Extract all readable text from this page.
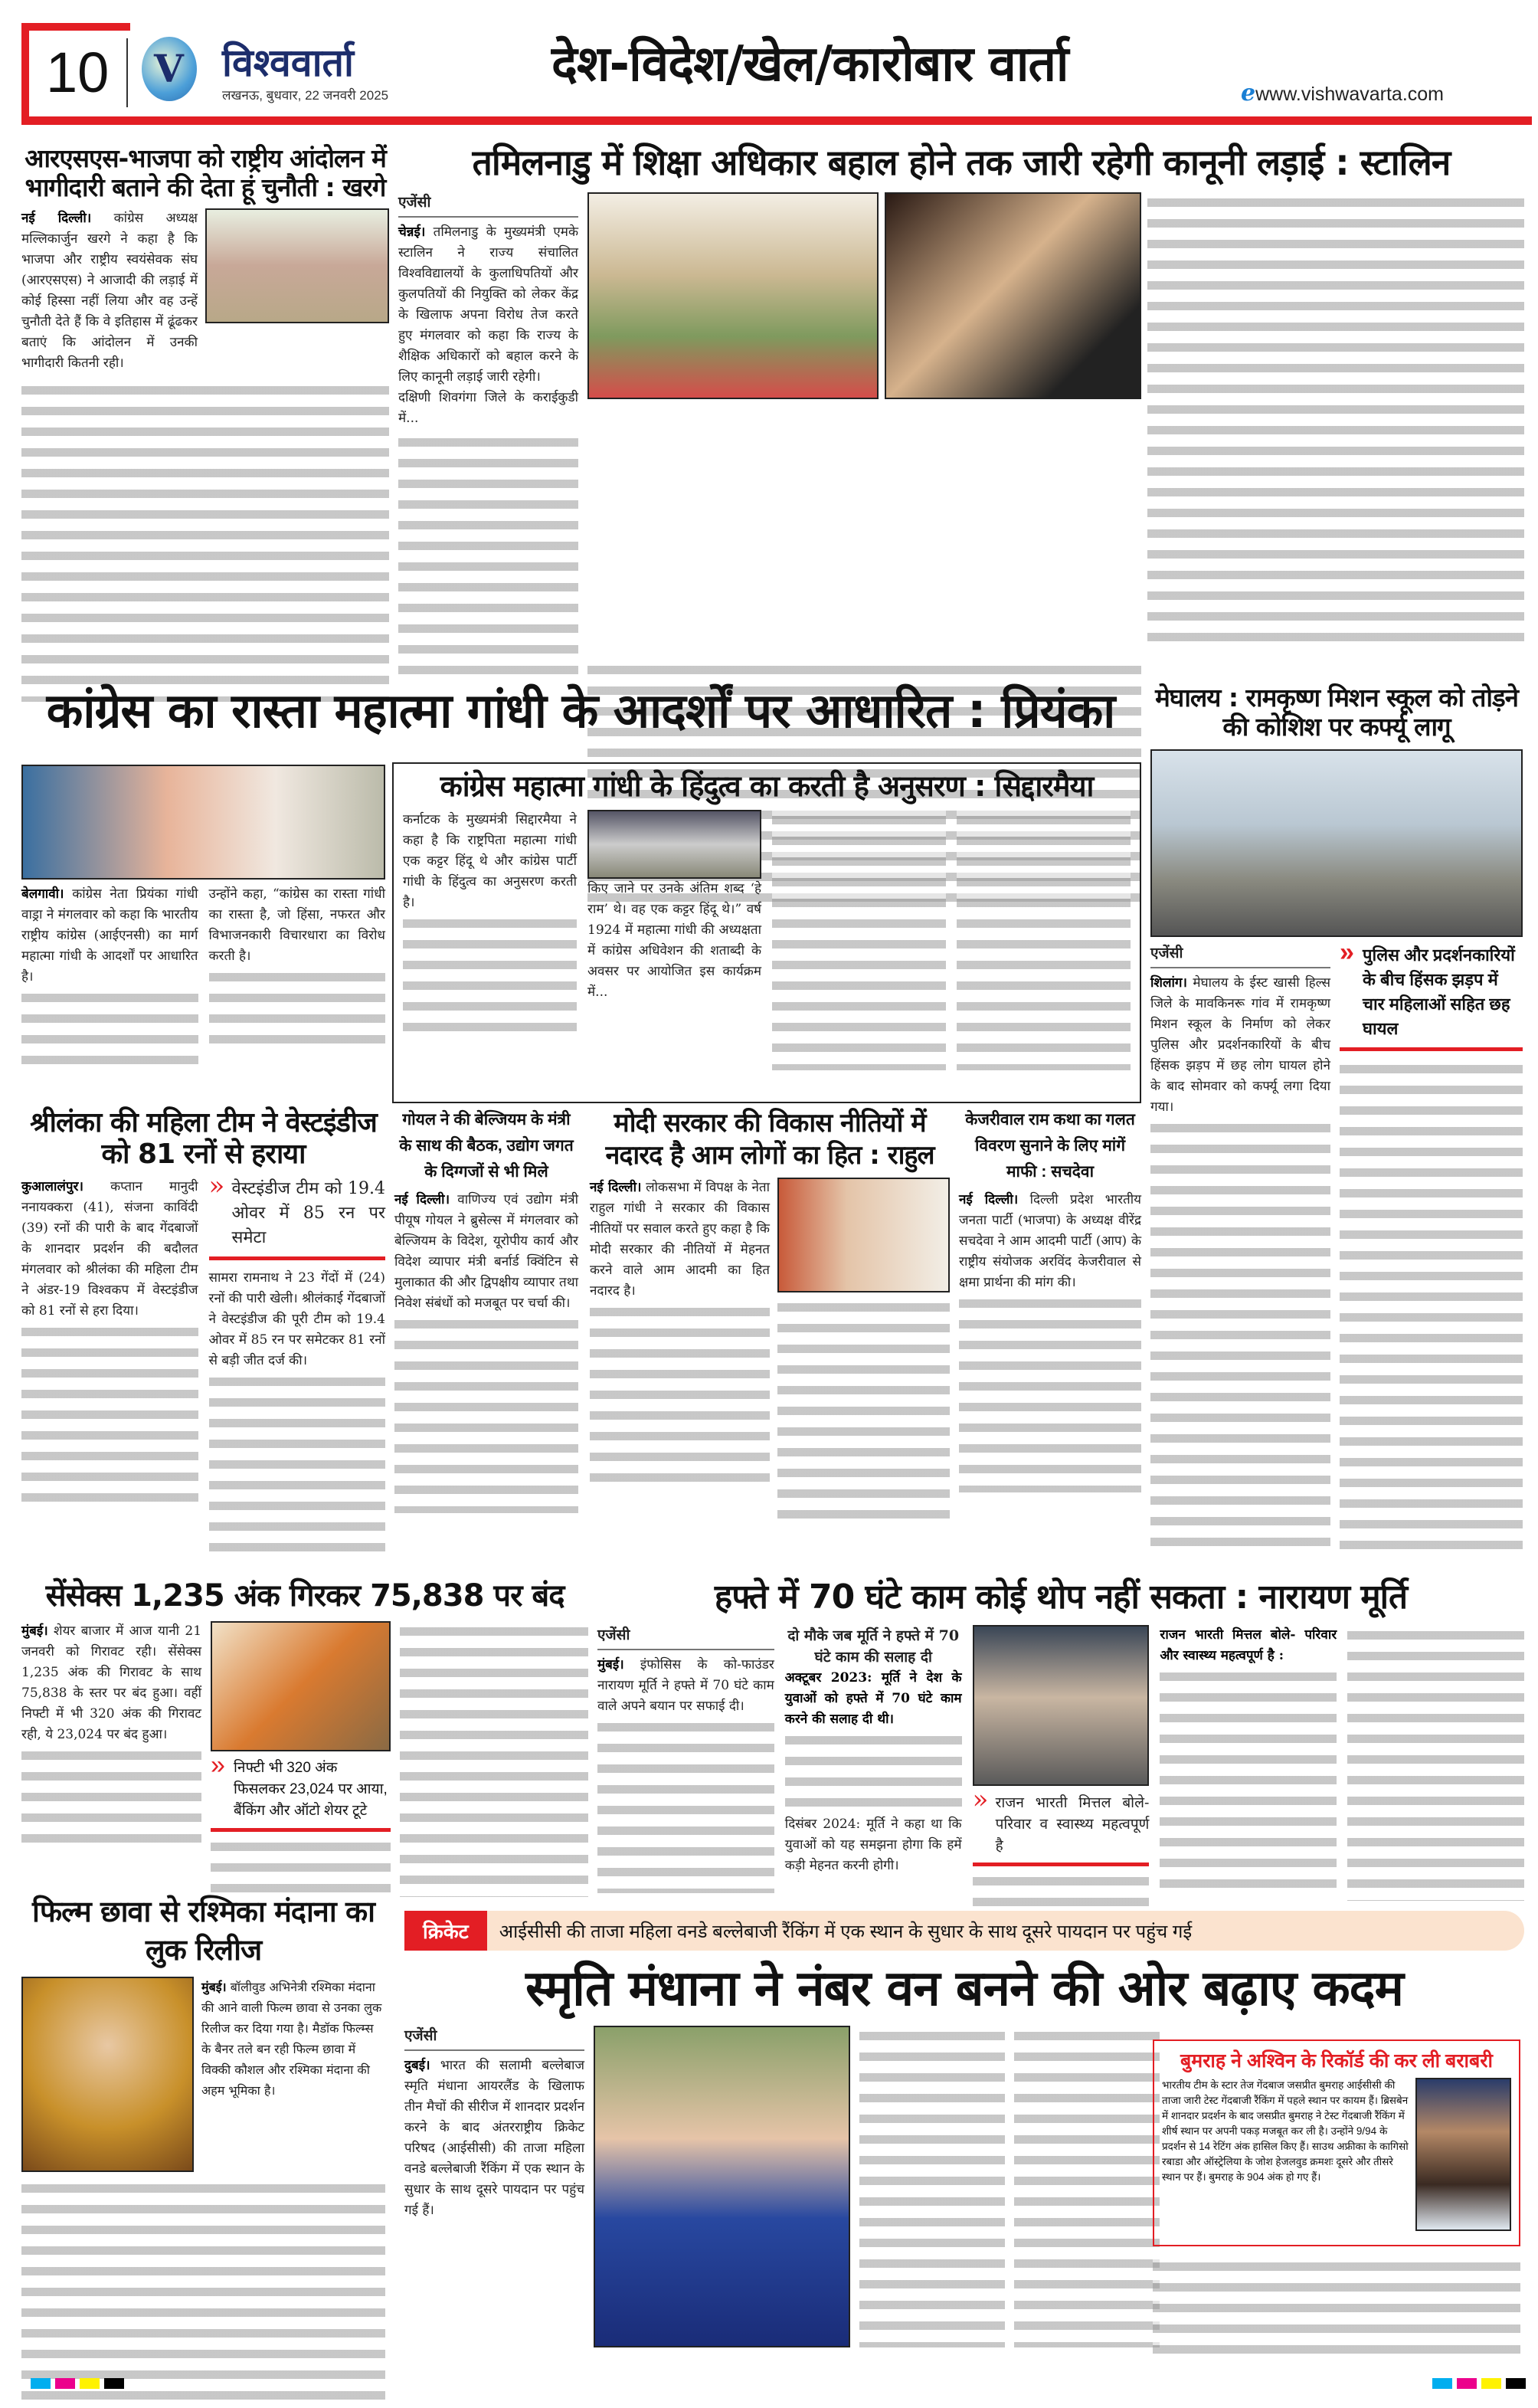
10 V विश्ववार्ता
लखनऊ, बुधवार, 22 जनवरी 2025
देश-विदेश/खेल/कारोबार वार्ता
ewww.vishwavarta.com
आरएसएस-भाजपा को राष्ट्रीय आंदोलन में भागीदारी बताने की देता हूं चुनौती : खरगे
नई दिल्ली। कांग्रेस अध्यक्ष मल्लिकार्जुन खरगे ने कहा है कि भाजपा और राष्ट्रीय स्वयंसेवक संघ (आरएसएस) ने आजादी की लड़ाई में कोई हिस्सा नहीं लिया और वह उन्हें चुनौती देते हैं कि वे इतिहास में ढूंढकर बताएं कि आंदोलन में उनकी भागीदारी कितनी रही।
तमिलनाडु में शिक्षा अधिकार बहाल होने तक जारी रहेगी कानूनी लड़ाई : स्टालिन
एजेंसी
चेन्नई। तमिलनाडु के मुख्यमंत्री एमके स्टालिन ने राज्य संचालित विश्वविद्यालयों के कुलाधिपतियों और कुलपतियों की नियुक्ति को लेकर केंद्र के खिलाफ अपना विरोध तेज करते हुए मंगलवार को कहा कि राज्य के शैक्षिक अधिकारों को बहाल करने के लिए कानूनी लड़ाई जारी रहेगी।
दक्षिणी शिवगंगा जिले के कराईकुडी में...
कांग्रेस का रास्ता महात्मा गांधी के आदर्शों पर आधारित : प्रियंका
बेलगावी। कांग्रेस नेता प्रियंका गांधी वाड्रा ने मंगलवार को कहा कि भारतीय राष्ट्रीय कांग्रेस (आईएनसी) का मार्ग महात्मा गांधी के आदर्शों पर आधारित है।
उन्होंने कहा, “कांग्रेस का रास्ता गांधी का रास्ता है, जो हिंसा, नफरत और विभाजनकारी विचारधारा का विरोध करती है।
कांग्रेस महात्मा गांधी के हिंदुत्व का करती है अनुसरण : सिद्दारमैया
कर्नाटक के मुख्यमंत्री सिद्दारमैया ने कहा है कि राष्ट्रपिता महात्मा गांधी एक कट्टर हिंदू थे और कांग्रेस पार्टी गांधी के हिंदुत्व का अनुसरण करती है।
किए जाने पर उनके अंतिम शब्द ‘हे राम’ थे। वह एक कट्टर हिंदू थे।” वर्ष 1924 में महात्मा गांधी की अध्यक्षता में कांग्रेस अधिवेशन की शताब्दी के अवसर पर आयोजित इस कार्यक्रम में...
मेघालय : रामकृष्ण मिशन स्कूल को तोड़ने की कोशिश पर कर्फ्यू लागू
एजेंसी
शिलांग। मेघालय के ईस्ट खासी हिल्स जिले के मावकिनरू गांव में रामकृष्ण मिशन स्कूल के निर्माण को लेकर पुलिस और प्रदर्शनकारियों के बीच हिंसक झड़प में छह लोग घायल होने के बाद सोमवार को कर्फ्यू लगा दिया गया।
» पुलिस और प्रदर्शनकारियों के बीच हिंसक झड़प में चार महिलाओं सहित छह घायल
श्रीलंका की महिला टीम ने वेस्टइंडीज को 81 रनों से हराया
कुआलालंपुर। कप्तान मानुदी ननायक्करा (41), संजना काविंदी (39) रनों की पारी के बाद गेंदबाजों के शानदार प्रदर्शन की बदौलत मंगलवार को श्रीलंका की महिला टीम ने अंडर-19 विश्वकप में वेस्टइंडीज को 81 रनों से हरा दिया।
» वेस्टइंडीज टीम को 19.4 ओवर में 85 रन पर समेटा
सामरा रामनाथ ने 23 गेंदों में (24) रनों की पारी खेली। श्रीलंकाई गेंदबाजों ने वेस्टइंडीज की पूरी टीम को 19.4 ओवर में 85 रन पर समेटकर 81 रनों से बड़ी जीत दर्ज की।
गोयल ने की बेल्जियम के मंत्री के साथ की बैठक, उद्योग जगत के दिग्गजों से भी मिले
नई दिल्ली। वाणिज्य एवं उद्योग मंत्री पीयूष गोयल ने ब्रुसेल्स में मंगलवार को बेल्जियम के विदेश, यूरोपीय कार्य और विदेश व्यापार मंत्री बर्नार्ड क्विंटिन से मुलाकात की और द्विपक्षीय व्यापार तथा निवेश संबंधों को मजबूत पर चर्चा की।
मोदी सरकार की विकास नीतियों में नदारद है आम लोगों का हित : राहुल
नई दिल्ली। लोकसभा में विपक्ष के नेता राहुल गांधी ने सरकार की विकास नीतियों पर सवाल करते हुए कहा है कि मोदी सरकार की नीतियों में मेहनत करने वाले आम आदमी का हित नदारद है।
केजरीवाल राम कथा का गलत विवरण सुनाने के लिए मांगें माफी : सचदेवा
नई दिल्ली। दिल्ली प्रदेश भारतीय जनता पार्टी (भाजपा) के अध्यक्ष वीरेंद्र सचदेवा ने आम आदमी पार्टी (आप) के राष्ट्रीय संयोजक अरविंद केजरीवाल से क्षमा प्रार्थना की मांग की।
सेंसेक्स 1,235 अंक गिरकर 75,838 पर बंद
मुंबई। शेयर बाजार में आज यानी 21 जनवरी को गिरावट रही। सेंसेक्स 1,235 अंक की गिरावट के साथ 75,838 के स्तर पर बंद हुआ। वहीं निफ्टी में भी 320 अंक की गिरावट रही, ये 23,024 पर बंद हुआ।
» निफ्टी भी 320 अंक फिसलकर 23,024 पर आया, बैंकिंग और ऑटो शेयर टूटे
हफ्ते में 70 घंटे काम कोई थोप नहीं सकता : नारायण मूर्ति
एजेंसी
मुंबई। इंफोसिस के को-फाउंडर नारायण मूर्ति ने हफ्ते में 70 घंटे काम वाले अपने बयान पर सफाई दी।
दो मौके जब मूर्ति ने हफ्ते में 70 घंटे काम की सलाह दी
अक्टूबर 2023: मूर्ति ने देश के युवाओं को हफ्ते में 70 घंटे काम करने की सलाह दी थी।
दिसंबर 2024: मूर्ति ने कहा था कि युवाओं को यह समझना होगा कि हमें कड़ी मेहनत करनी होगी।
» राजन भारती मित्तल बोले- परिवार व स्वास्थ्य महत्वपूर्ण है
राजन भारती मित्तल बोले- परिवार और स्वास्थ्य महत्वपूर्ण है :
फिल्म छावा से रश्मिका मंदाना का लुक रिलीज
मुंबई। बॉलीवुड अभिनेत्री रश्मिका मंदाना की आने वाली फिल्म छावा से उनका लुक रिलीज कर दिया गया है। मैडॉक फिल्म्स के बैनर तले बन रही फिल्म छावा में विक्की कौशल और रश्मिका मंदाना की अहम भूमिका है।
क्रिकेट	आईसीसी की ताजा महिला वनडे बल्लेबाजी रैंकिंग में एक स्थान के सुधार के साथ दूसरे पायदान पर पहुंच गई
स्मृति मंधाना ने नंबर वन बनने की ओर बढ़ाए कदम
एजेंसी
दुबई। भारत की सलामी बल्लेबाज स्मृति मंधाना आयरलैंड के खिलाफ तीन मैचों की सीरीज में शानदार प्रदर्शन करने के बाद अंतरराष्ट्रीय क्रिकेट परिषद (आईसीसी) की ताजा महिला वनडे बल्लेबाजी रैंकिंग में एक स्थान के सुधार के साथ दूसरे पायदान पर पहुंच गई हैं।
बुमराह ने अश्विन के रिकॉर्ड की कर ली बराबरी
भारतीय टीम के स्टार तेज गेंदबाज जसप्रीत बुमराह आईसीसी की ताजा जारी टेस्ट गेंदबाजी रैंकिंग में पहले स्थान पर कायम हैं। ब्रिसबेन में शानदार प्रदर्शन के बाद जसप्रीत बुमराह ने टेस्ट गेंदबाजी रैंकिंग में शीर्ष स्थान पर अपनी पकड़ मजबूत कर ली है। उन्होंने 9/94 के प्रदर्शन से 14 रेटिंग अंक हासिल किए हैं। साउथ अफ्रीका के कागिसो रबाडा और ऑस्ट्रेलिया के जोश हेजलवुड क्रमशः दूसरे और तीसरे स्थान पर हैं। बुमराह के 904 अंक हो गए हैं।
